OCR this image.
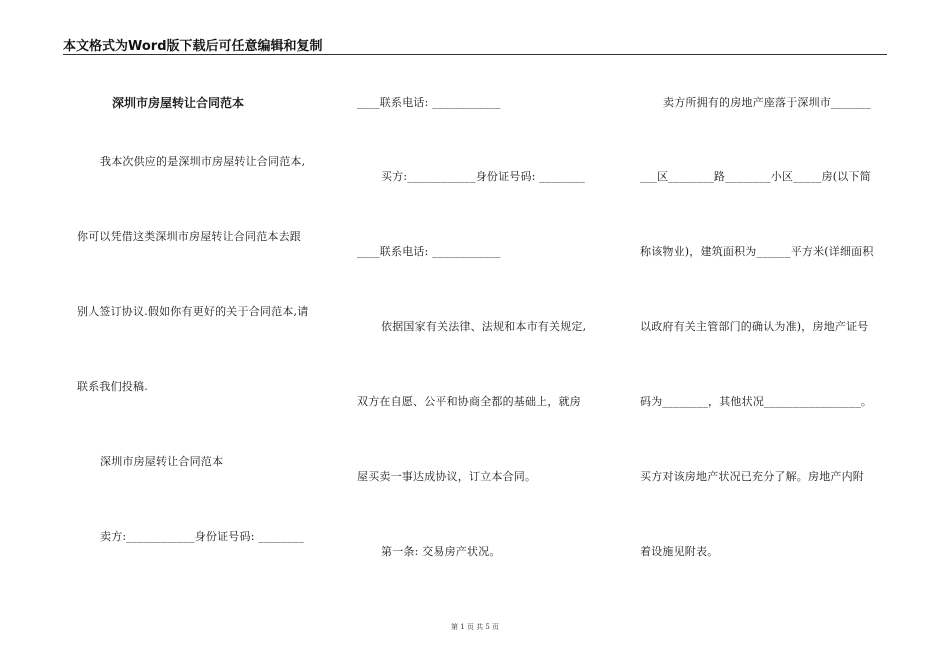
本文格式为Word版下载后可任意编辑和复制
深圳市房屋转让合同范本
我本次供应的是深圳市房屋转让合同范本,
你可以凭借这类深圳市房屋转让合同范本去跟
别人签订协议.假如你有更好的关于合同范本,请
联系我们投稿.
深圳市房屋转让合同范本
卖方:____________身份证号码: ________
____联系电话: ____________
买方:____________身份证号码: ________
____联系电话: ____________
依据国家有关法律、法规和本市有关规定,
双方在自愿、公平和协商全都的基础上，就房
屋买卖一事达成协议，订立本合同。
第一条: 交易房产状况。
卖方所拥有的房地产座落于深圳市_______
___区________路________小区_____房(以下简
称该物业)，建筑面积为______平方米(详细面积
以政府有关主管部门的确认为准)，房地产证号
码为________，其他状况_________________。
买方对该房地产状况已充分了解。房地产内附
着设施见附表。
第 1 页 共 5 页
